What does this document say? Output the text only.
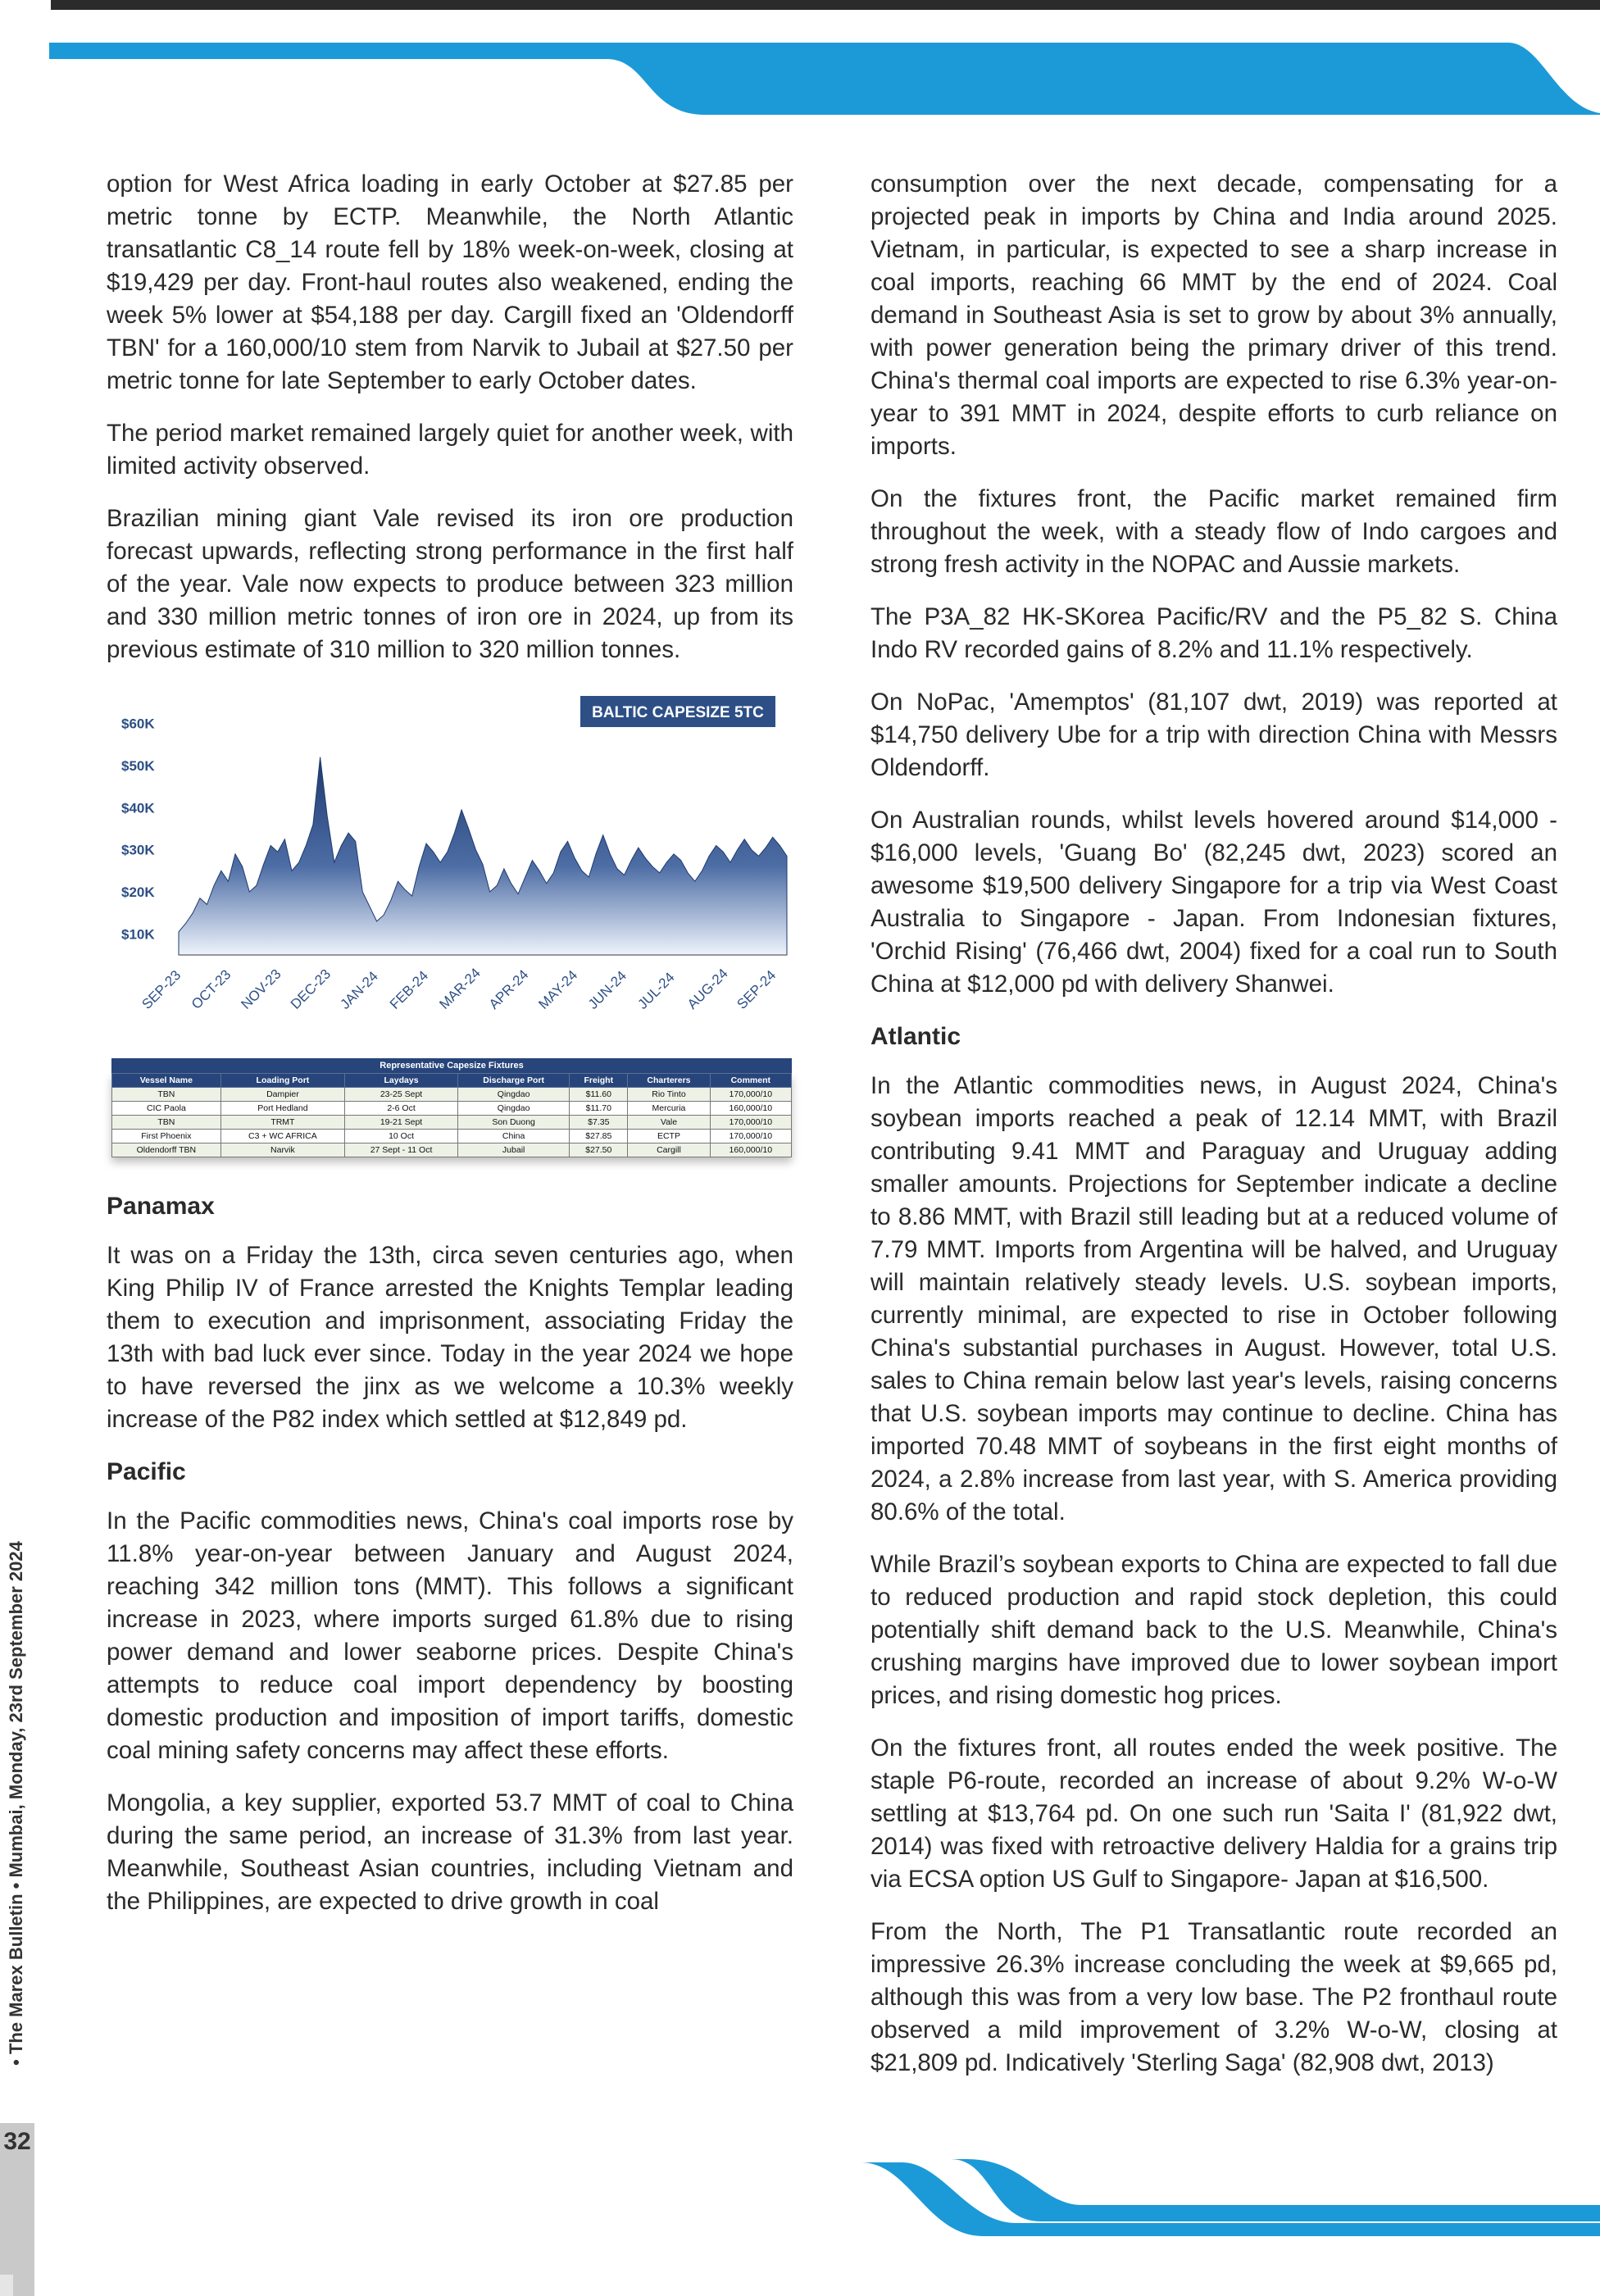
option for West Africa loading in early October at $27.85 per metric tonne by ECTP. Meanwhile, the North Atlantic transatlantic C8_14 route fell by 18% week-on-week, closing at $19,429 per day. Front-haul routes also weakened, ending the week 5% lower at $54,188 per day. Cargill fixed an 'Oldendorff TBN' for a 160,000/10 stem from Narvik to Jubail at $27.50 per metric tonne for late September to early October dates.

The period market remained largely quiet for another week, with limited activity observed.

Brazilian mining giant Vale revised its iron ore production forecast upwards, reflecting strong performance in the first half of the year. Vale now expects to produce between 323 million and 330 million metric tonnes of iron ore in 2024, up from its previous estimate of 310 million to 320 million tonnes.

$60K
$50K
$40K
$30K
$20K
$10K
BALTIC CAPESIZE 5TC
SEP-23 OCT-23 NOV-23 DEC-23 JAN-24 FEB-24 MAR-24 APR-24 MAY-24 JUN-24 JUL-24 AUG-24 SEP-24
Representative Capesize Fixtures
Vessel Name	Loading Port	Laydays	Discharge Port	Freight	Charterers	Comment
TBN	Dampier	23-25 Sept	Qingdao	$11.60	Rio Tinto	170,000/10
CIC Paola	Port Hedland	2-6 Oct	Qingdao	$11.70	Mercuria	160,000/10
TBN	TRMT	19-21 Sept	Son Duong	$7.35	Vale	170,000/10
First Phoenix	C3 + WC AFRICA	10 Oct	China	$27.85	ECTP	170,000/10
Oldendorff TBN	Narvik	27 Sept - 11 Oct	Jubail	$27.50	Cargill	160,000/10
Panamax

It was on a Friday the 13th, circa seven centuries ago, when King Philip IV of France arrested the Knights Templar leading them to execution and imprisonment, associating Friday the 13th with bad luck ever since. Today in the year 2024 we hope to have reversed the jinx as we welcome a 10.3% weekly increase of the P82 index which settled at $12,849 pd.

Pacific

In the Pacific commodities news, China's coal imports rose by 11.8% year-on-year between January and August 2024, reaching 342 million tons (MMT). This follows a significant increase in 2023, where imports surged 61.8% due to rising power demand and lower seaborne prices. Despite China's attempts to reduce coal import dependency by boosting domestic production and imposition of import tariffs, domestic coal mining safety concerns may affect these efforts.

Mongolia, a key supplier, exported 53.7 MMT of coal to China during the same period, an increase of 31.3% from last year. Meanwhile, Southeast Asian countries, including Vietnam and the Philippines, are expected to drive growth in coal

consumption over the next decade, compensating for a projected peak in imports by China and India around 2025. Vietnam, in particular, is expected to see a sharp increase in coal imports, reaching 66 MMT by the end of 2024. Coal demand in Southeast Asia is set to grow by about 3% annually, with power generation being the primary driver of this trend. China's thermal coal imports are expected to rise 6.3% year-on-year to 391 MMT in 2024, despite efforts to curb reliance on imports.

On the fixtures front, the Pacific market remained firm throughout the week, with a steady flow of Indo cargoes and strong fresh activity in the NOPAC and Aussie markets.

The P3A_82 HK-SKorea Pacific/RV and the P5_82 S. China Indo RV recorded gains of 8.2% and 11.1% respectively.

On NoPac, 'Amemptos' (81,107 dwt, 2019) was reported at $14,750 delivery Ube for a trip with direction China with Messrs Oldendorff.

On Australian rounds, whilst levels hovered around $14,000 - $16,000 levels, 'Guang Bo' (82,245 dwt, 2023) scored an awesome $19,500 delivery Singapore for a trip via West Coast Australia to Singapore - Japan. From Indonesian fixtures, 'Orchid Rising' (76,466 dwt, 2004) fixed for a coal run to South China at $12,000 pd with delivery Shanwei.

Atlantic

In the Atlantic commodities news, in August 2024, China's soybean imports reached a peak of 12.14 MMT, with Brazil contributing 9.41 MMT and Paraguay and Uruguay adding smaller amounts. Projections for September indicate a decline to 8.86 MMT, with Brazil still leading but at a reduced volume of 7.79 MMT. Imports from Argentina will be halved, and Uruguay will maintain relatively steady levels. U.S. soybean imports, currently minimal, are expected to rise in October following China's substantial purchases in August. However, total U.S. sales to China remain below last year's levels, raising concerns that U.S. soybean imports may continue to decline. China has imported 70.48 MMT of soybeans in the first eight months of 2024, a 2.8% increase from last year, with S. America providing 80.6% of the total.

While Brazil’s soybean exports to China are expected to fall due to reduced production and rapid stock depletion, this could potentially shift demand back to the U.S. Meanwhile, China's crushing margins have improved due to lower soybean import prices, and rising domestic hog prices.

On the fixtures front, all routes ended the week positive. The staple P6-route, recorded an increase of about 9.2% W-o-W settling at $13,764 pd. On one such run 'Saita I' (81,922 dwt, 2014) was fixed with retroactive delivery Haldia for a grains trip via ECSA option US Gulf to Singapore- Japan at $16,500.

From the North, The P1 Transatlantic route recorded an impressive 26.3% increase concluding the week at $9,665 pd, although this was from a very low base. The P2 fronthaul route observed a mild improvement of 3.2% W-o-W, closing at $21,809 pd. Indicatively 'Sterling Saga' (82,908 dwt, 2013)

• The Marex Bulletin • Mumbai, Monday, 23rd September 2024
32
